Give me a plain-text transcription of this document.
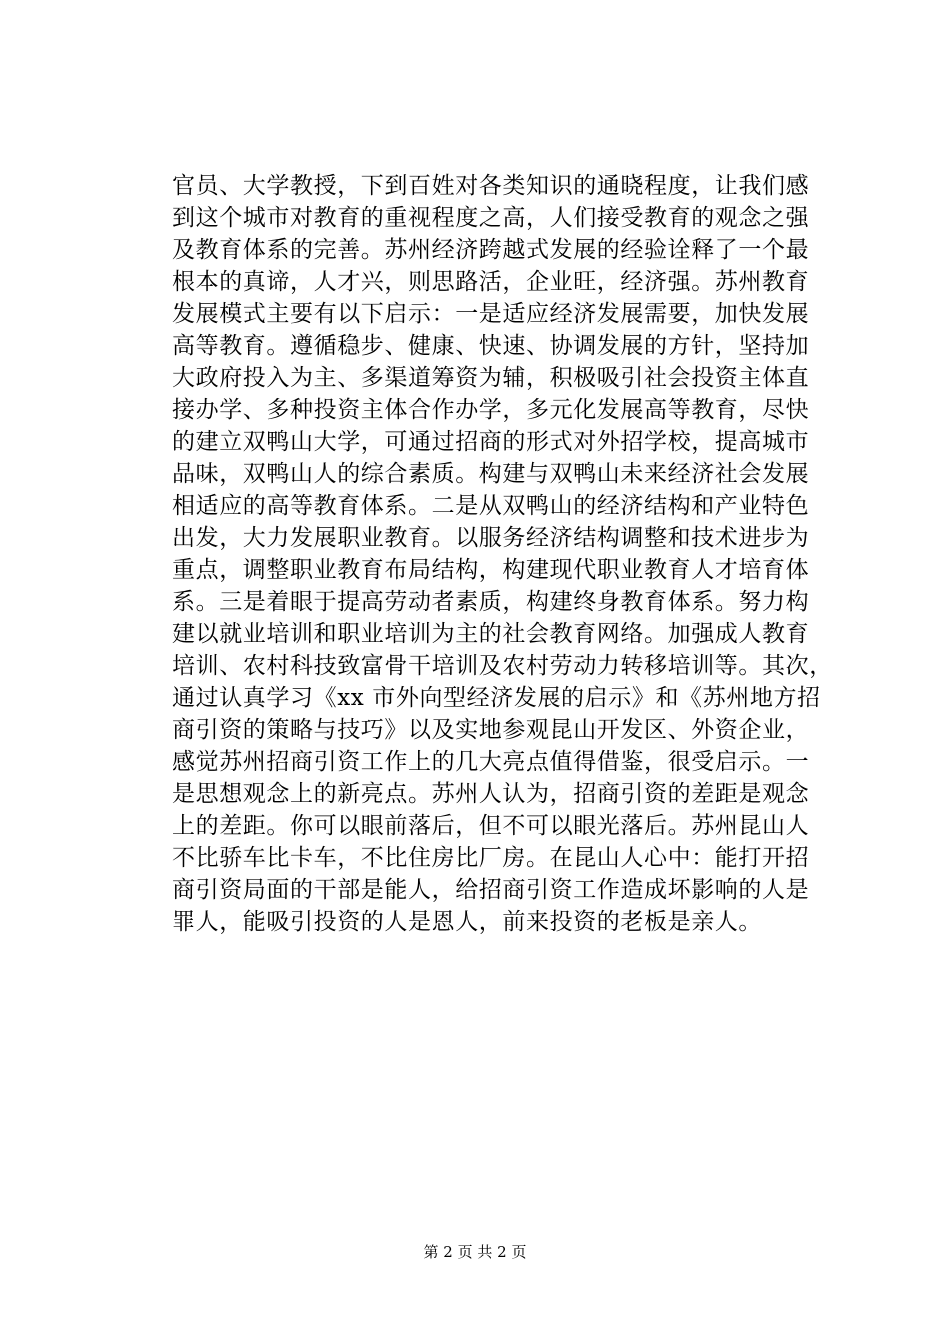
官员、大学教授，下到百姓对各类知识的通晓程度，让我们感
到这个城市对教育的重视程度之高，人们接受教育的观念之强
及教育体系的完善。苏州经济跨越式发展的经验诠释了一个最
根本的真谛，人才兴，则思路活，企业旺，经济强。苏州教育
发展模式主要有以下启示：一是适应经济发展需要，加快发展
高等教育。遵循稳步、健康、快速、协调发展的方针，坚持加
大政府投入为主、多渠道筹资为辅，积极吸引社会投资主体直
接办学、多种投资主体合作办学，多元化发展高等教育，尽快
的建立双鸭山大学，可通过招商的形式对外招学校，提高城市
品味，双鸭山人的综合素质。构建与双鸭山未来经济社会发展
相适应的高等教育体系。二是从双鸭山的经济结构和产业特色
出发，大力发展职业教育。以服务经济结构调整和技术进步为
重点，调整职业教育布局结构，构建现代职业教育人才培育体
系。三是着眼于提高劳动者素质，构建终身教育体系。努力构
建以就业培训和职业培训为主的社会教育网络。加强成人教育
培训、农村科技致富骨干培训及农村劳动力转移培训等。其次，
通过认真学习《xx 市外向型经济发展的启示》和《苏州地方招
商引资的策略与技巧》以及实地参观昆山开发区、外资企业，
感觉苏州招商引资工作上的几大亮点值得借鉴，很受启示。一
是思想观念上的新亮点。苏州人认为，招商引资的差距是观念
上的差距。你可以眼前落后，但不可以眼光落后。苏州昆山人
不比骄车比卡车，不比住房比厂房。在昆山人心中：能打开招
商引资局面的干部是能人，给招商引资工作造成坏影响的人是
罪人，能吸引投资的人是恩人，前来投资的老板是亲人。
第 2 页 共 2 页
